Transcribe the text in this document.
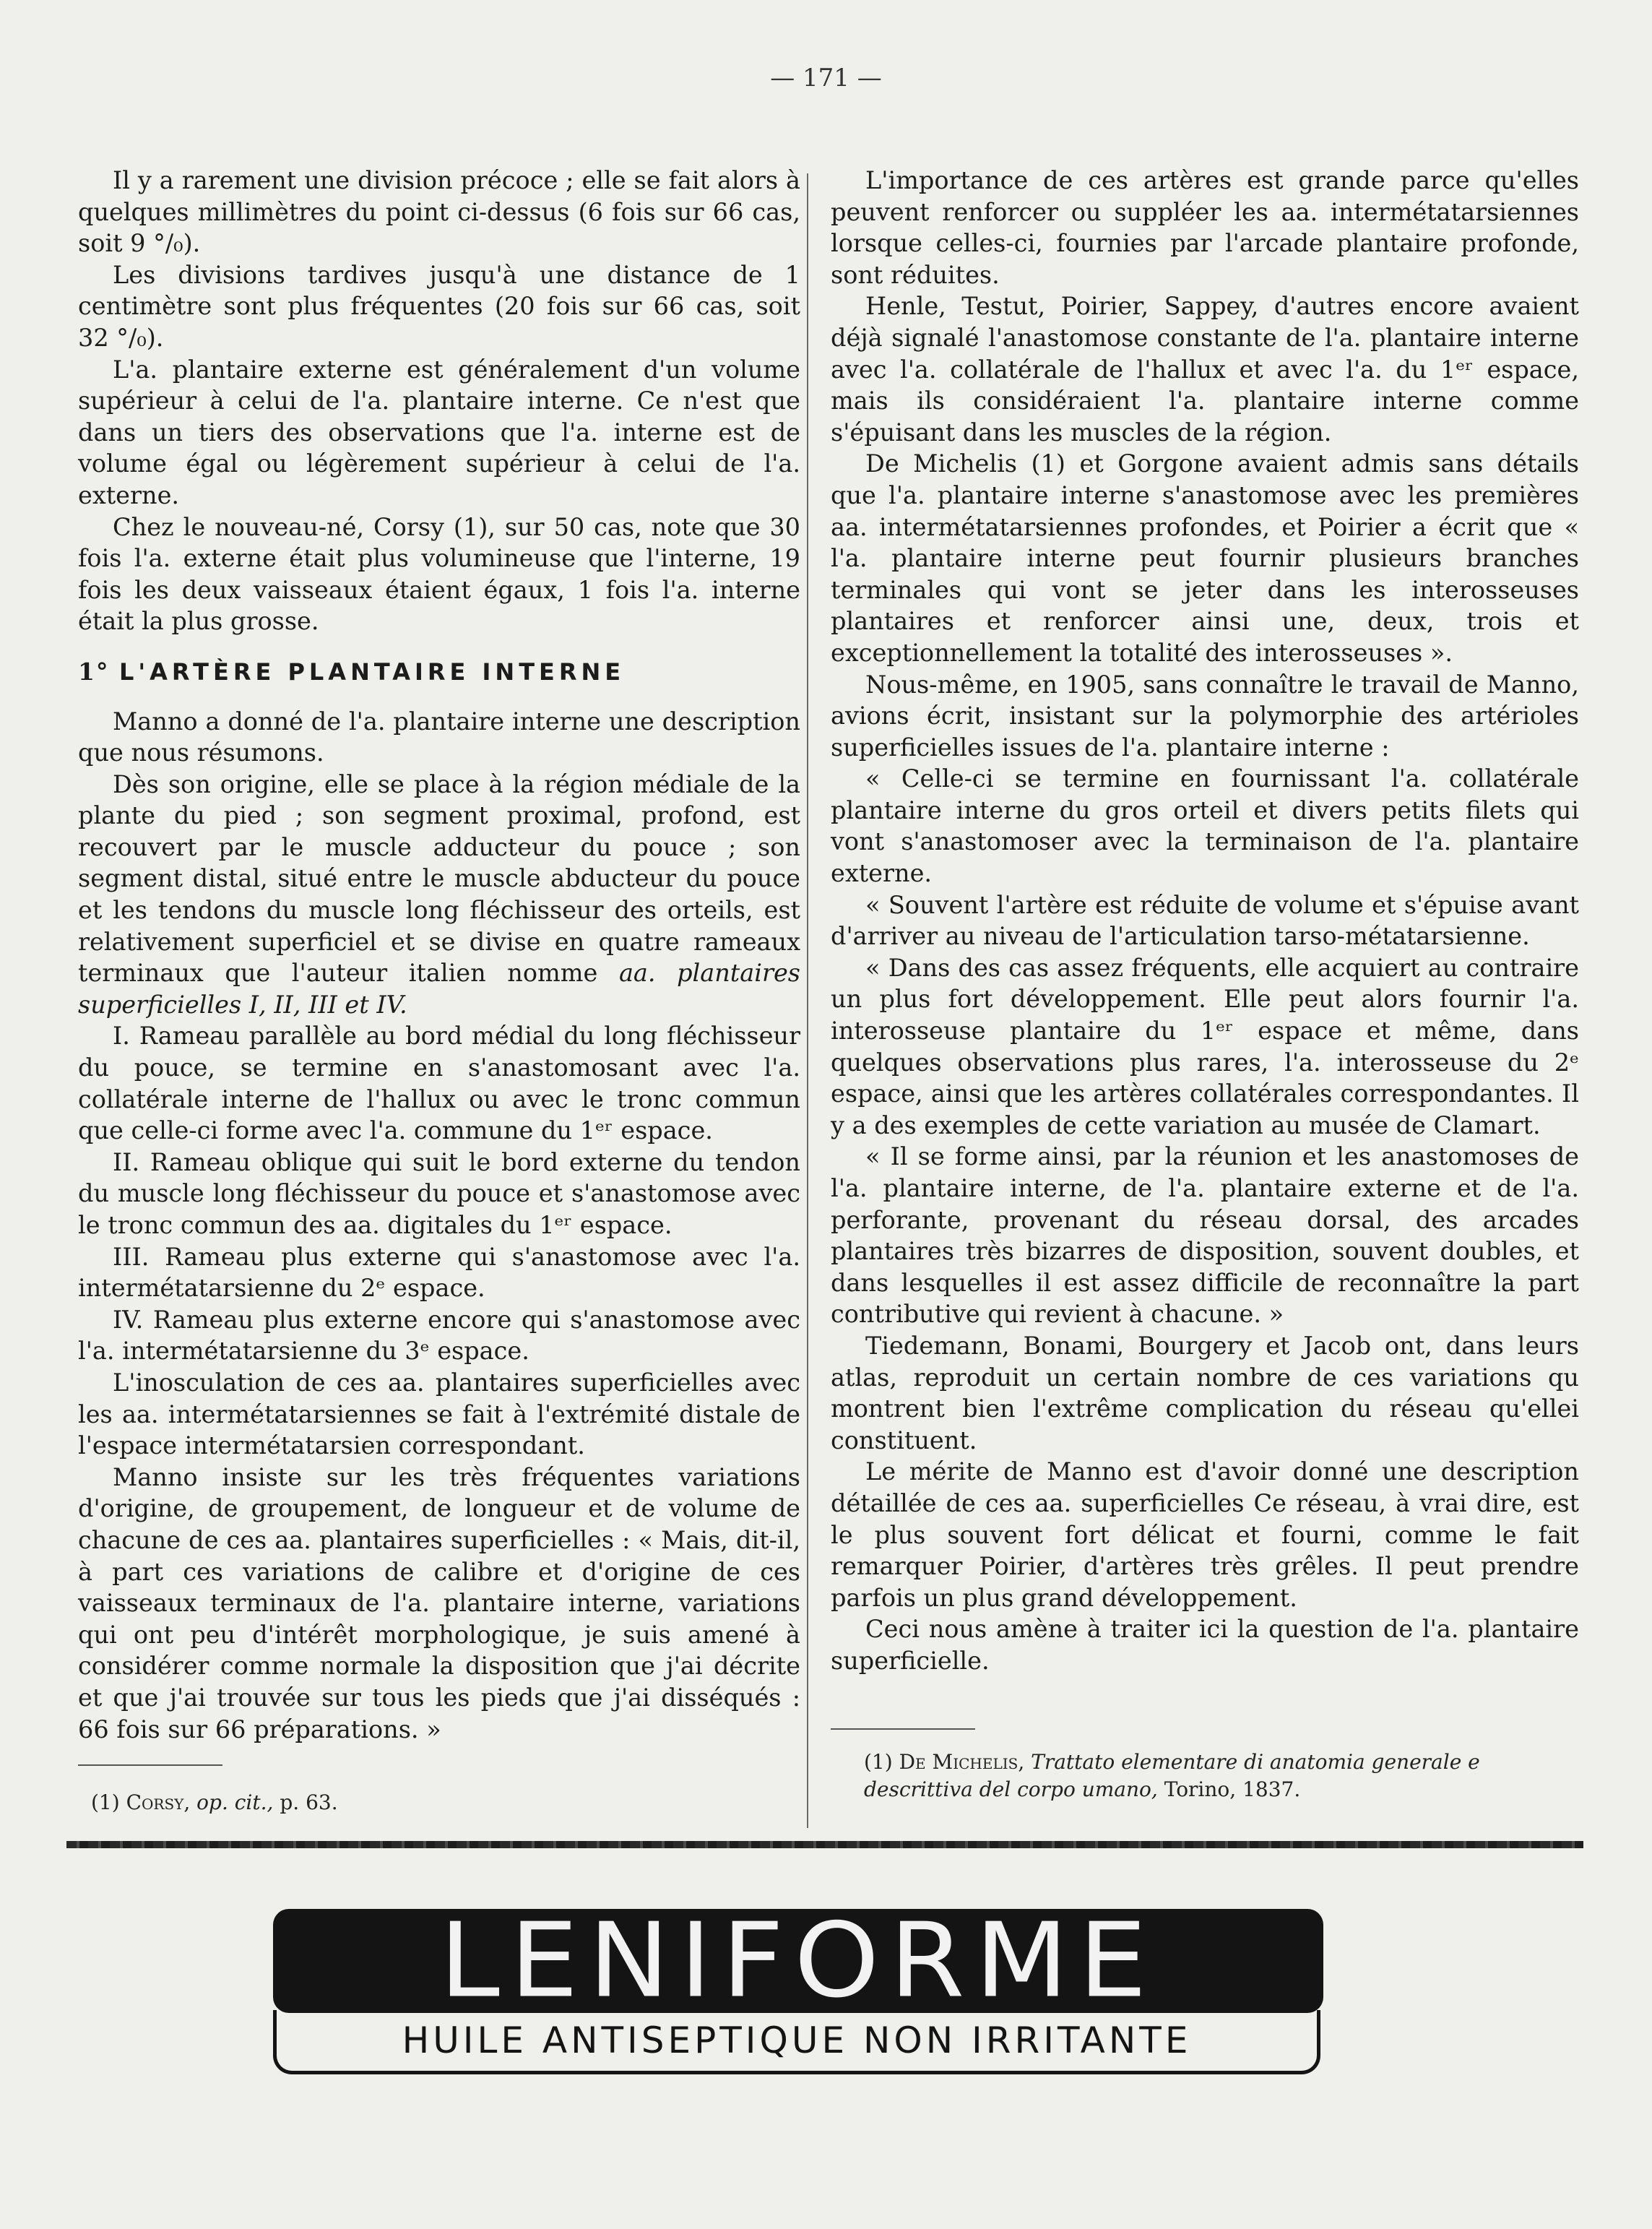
— 171 —

Il y a rarement une division précoce ; elle se fait alors à quelques millimètres du point ci-dessus (6 fois sur 66 cas, soit 9 °/₀).

Les divisions tardives jusqu'à une distance de 1 centimètre sont plus fréquentes (20 fois sur 66 cas, soit 32 °/₀).

L'a. plantaire externe est généralement d'un volume supérieur à celui de l'a. plantaire interne. Ce n'est que dans un tiers des observations que l'a. interne est de volume égal ou légèrement supérieur à celui de l'a. externe.

Chez le nouveau-né, Corsy (1), sur 50 cas, note que 30 fois l'a. externe était plus volumineuse que l'interne, 19 fois les deux vaisseaux étaient égaux, 1 fois l'a. interne était la plus grosse.

1° L'ARTÈRE PLANTAIRE INTERNE

Manno a donné de l'a. plantaire interne une description que nous résumons.

Dès son origine, elle se place à la région médiale de la plante du pied ; son segment proximal, profond, est recouvert par le muscle adducteur du pouce ; son segment distal, situé entre le muscle abducteur du pouce et les tendons du muscle long fléchisseur des orteils, est relativement superficiel et se divise en quatre rameaux terminaux que l'auteur italien nomme aa. plantaires superficielles I, II, III et IV.

I. Rameau parallèle au bord médial du long fléchisseur du pouce, se termine en s'anastomosant avec l'a. collatérale interne de l'hallux ou avec le tronc commun que celle-ci forme avec l'a. commune du 1ᵉʳ espace.

II. Rameau oblique qui suit le bord externe du tendon du muscle long fléchisseur du pouce et s'anastomose avec le tronc commun des aa. digitales du 1ᵉʳ espace.

III. Rameau plus externe qui s'anastomose avec l'a. intermétatarsienne du 2ᵉ espace.

IV. Rameau plus externe encore qui s'anastomose avec l'a. intermétatarsienne du 3ᵉ espace.

L'inosculation de ces aa. plantaires superficielles avec les aa. intermétatarsiennes se fait à l'extrémité distale de l'espace intermétatarsien correspondant.

Manno insiste sur les très fréquentes variations d'origine, de groupement, de longueur et de volume de chacune de ces aa. plantaires superficielles : « Mais, dit-il, à part ces variations de calibre et d'origine de ces vaisseaux terminaux de l'a. plantaire interne, variations qui ont peu d'intérêt morphologique, je suis amené à considérer comme normale la disposition que j'ai décrite et que j'ai trouvée sur tous les pieds que j'ai disséqués : 66 fois sur 66 préparations. »

L'importance de ces artères est grande parce qu'elles peuvent renforcer ou suppléer les aa. intermétatarsiennes lorsque celles-ci, fournies par l'arcade plantaire profonde, sont réduites.

Henle, Testut, Poirier, Sappey, d'autres encore avaient déjà signalé l'anastomose constante de l'a. plantaire interne avec l'a. collatérale de l'hallux et avec l'a. du 1ᵉʳ espace, mais ils considéraient l'a. plantaire interne comme s'épuisant dans les muscles de la région.

De Michelis (1) et Gorgone avaient admis sans détails que l'a. plantaire interne s'anastomose avec les premières aa. intermétatarsiennes profondes, et Poirier a écrit que « l'a. plantaire interne peut fournir plusieurs branches terminales qui vont se jeter dans les interosseuses plantaires et renforcer ainsi une, deux, trois et exceptionnellement la totalité des interosseuses ».

Nous-même, en 1905, sans connaître le travail de Manno, avions écrit, insistant sur la polymorphie des artérioles superficielles issues de l'a. plantaire interne :

« Celle-ci se termine en fournissant l'a. collatérale plantaire interne du gros orteil et divers petits filets qui vont s'anastomoser avec la terminaison de l'a. plantaire externe.

« Souvent l'artère est réduite de volume et s'épuise avant d'arriver au niveau de l'articulation tarso-métatarsienne.

« Dans des cas assez fréquents, elle acquiert au contraire un plus fort développement. Elle peut alors fournir l'a. interosseuse plantaire du 1ᵉʳ espace et même, dans quelques observations plus rares, l'a. interosseuse du 2ᵉ espace, ainsi que les artères collatérales correspondantes. Il y a des exemples de cette variation au musée de Clamart.

« Il se forme ainsi, par la réunion et les anastomoses de l'a. plantaire interne, de l'a. plantaire externe et de l'a. perforante, provenant du réseau dorsal, des arcades plantaires très bizarres de disposition, souvent doubles, et dans lesquelles il est assez difficile de reconnaître la part contributive qui revient à chacune. »

Tiedemann, Bonami, Bourgery et Jacob ont, dans leurs atlas, reproduit un certain nombre de ces variations qu montrent bien l'extrême complication du réseau qu'ellei constituent.

Le mérite de Manno est d'avoir donné une description détaillée de ces aa. superficielles Ce réseau, à vrai dire, est le plus souvent fort délicat et fourni, comme le fait remarquer Poirier, d'artères très grêles. Il peut prendre parfois un plus grand développement.

Ceci nous amène à traiter ici la question de l'a. plantaire superficielle.

(1) Corsy, op. cit., p. 63.
(1) De Michelis, Trattato elementare di anatomia generale e descrittiva del corpo umano, Torino, 1837.
LENIFORME
HUILE ANTISEPTIQUE NON IRRITANTE
